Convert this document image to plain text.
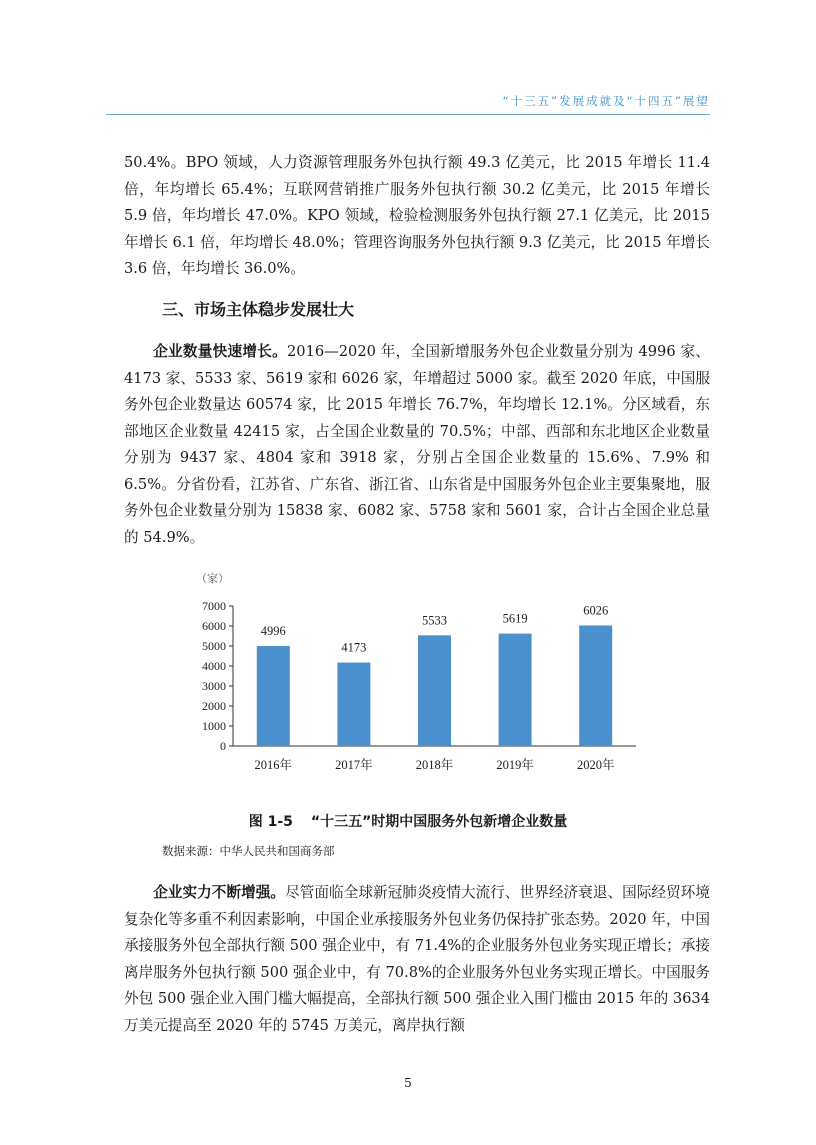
“十三五”发展成就及“十四五”展望
50.4%。BPO 领域，人力资源管理服务外包执行额 49.3 亿美元，比 2015 年增长 11.4 倍，年均增长 65.4%；互联网营销推广服务外包执行额 30.2 亿美元，比 2015 年增长 5.9 倍，年均增长 47.0%。KPO 领域，检验检测服务外包执行额 27.1 亿美元，比 2015 年增长 6.1 倍，年均增长 48.0%；管理咨询服务外包执行额 9.3 亿美元，比 2015 年增长 3.6 倍，年均增长 36.0%。
三、市场主体稳步发展壮大
企业数量快速增长。2016—2020 年，全国新增服务外包企业数量分别为 4996 家、4173 家、5533 家、5619 家和 6026 家，年增超过 5000 家。截至 2020 年底，中国服务外包企业数量达 60574 家，比 2015 年增长 76.7%，年均增长 12.1%。分区域看，东部地区企业数量 42415 家，占全国企业数量的 70.5%；中部、西部和东北地区企业数量分别为 9437 家、4804 家和 3918 家，分别占全国企业数量的 15.6%、7.9% 和 6.5%。分省份看，江苏省、广东省、浙江省、山东省是中国服务外包企业主要集聚地，服务外包企业数量分别为 15838 家、6082 家、5758 家和 5601 家，合计占全国企业总量的 54.9%。
（家）
0
1000
2000
3000
4000
5000
6000
7000
4996
2016年
4173
2017年
5533
2018年
5619
2019年
6026
2020年
图 1-5 “十三五”时期中国服务外包新增企业数量
数据来源：中华人民共和国商务部
企业实力不断增强。尽管面临全球新冠肺炎疫情大流行、世界经济衰退、国际经贸环境复杂化等多重不利因素影响，中国企业承接服务外包业务仍保持扩张态势。2020 年，中国承接服务外包全部执行额 500 强企业中，有 71.4%的企业服务外包业务实现正增长；承接离岸服务外包执行额 500 强企业中，有 70.8%的企业服务外包业务实现正增长。中国服务外包 500 强企业入围门槛大幅提高，全部执行额 500 强企业入围门槛由 2015 年的 3634 万美元提高至 2020 年的 5745 万美元，离岸执行额
5
